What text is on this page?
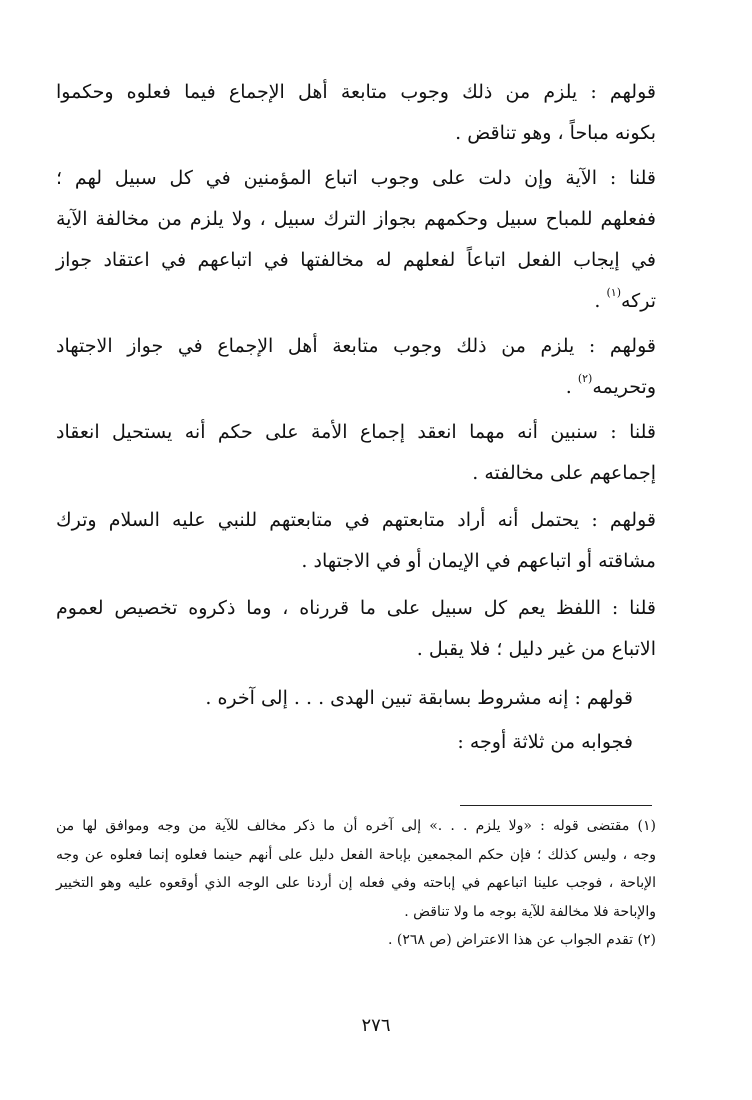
قولهم : يلزم من ذلك وجوب متابعة أهل الإجماع فيما فعلوه وحكموا
بكونه مباحاً ، وهو تناقض .
قلنا : الآية وإن دلت على وجوب اتباع المؤمنين في كل سبيل لهم ؛
ففعلهم للمباح سبيل وحكمهم بجواز الترك سبيل ، ولا يلزم من مخالفة الآية
في إيجاب الفعل اتباعاً لفعلهم له مخالفتها في اتباعهم في اعتقاد جواز
تركه$^{(١)}$ .
قولهم : يلزم من ذلك وجوب متابعة أهل الإجماع في جواز الاجتهاد
وتحريمه$^{(٢)}$ .
قلنا : سنبين أنه مهما انعقد إجماع الأمة على حكم أنه يستحيل انعقاد
إجماعهم على مخالفته .
قولهم : يحتمل أنه أراد متابعتهم في متابعتهم للنبي عليه السلام وترك
مشاقته أو اتباعهم في الإيمان أو في الاجتهاد .
قلنا : اللفظ يعم كل سبيل على ما قررناه ، وما ذكروه تخصيص لعموم
الاتباع من غير دليل ؛ فلا يقبل .
قولهم : إنه مشروط بسابقة تبين الهدى . . . إلى آخره .
فجوابه من ثلاثة أوجه :
(١) مقتضى قوله : «ولا يلزم . . .» إلى آخره أن ما ذكر مخالف للآية من وجه وموافق لها من
وجه ، وليس كذلك ؛ فإن حكم المجمعين بإباحة الفعل دليل على أنهم حينما فعلوه إنما فعلوه عن وجه
الإباحة ، فوجب علينا اتباعهم في إباحته وفي فعله إن أردنا على الوجه الذي أوقعوه عليه وهو التخيير
والإباحة فلا مخالفة للآية بوجه ما ولا تناقض .
(٢) تقدم الجواب عن هذا الاعتراض (ص ٢٦٨) .
٢٧٦
